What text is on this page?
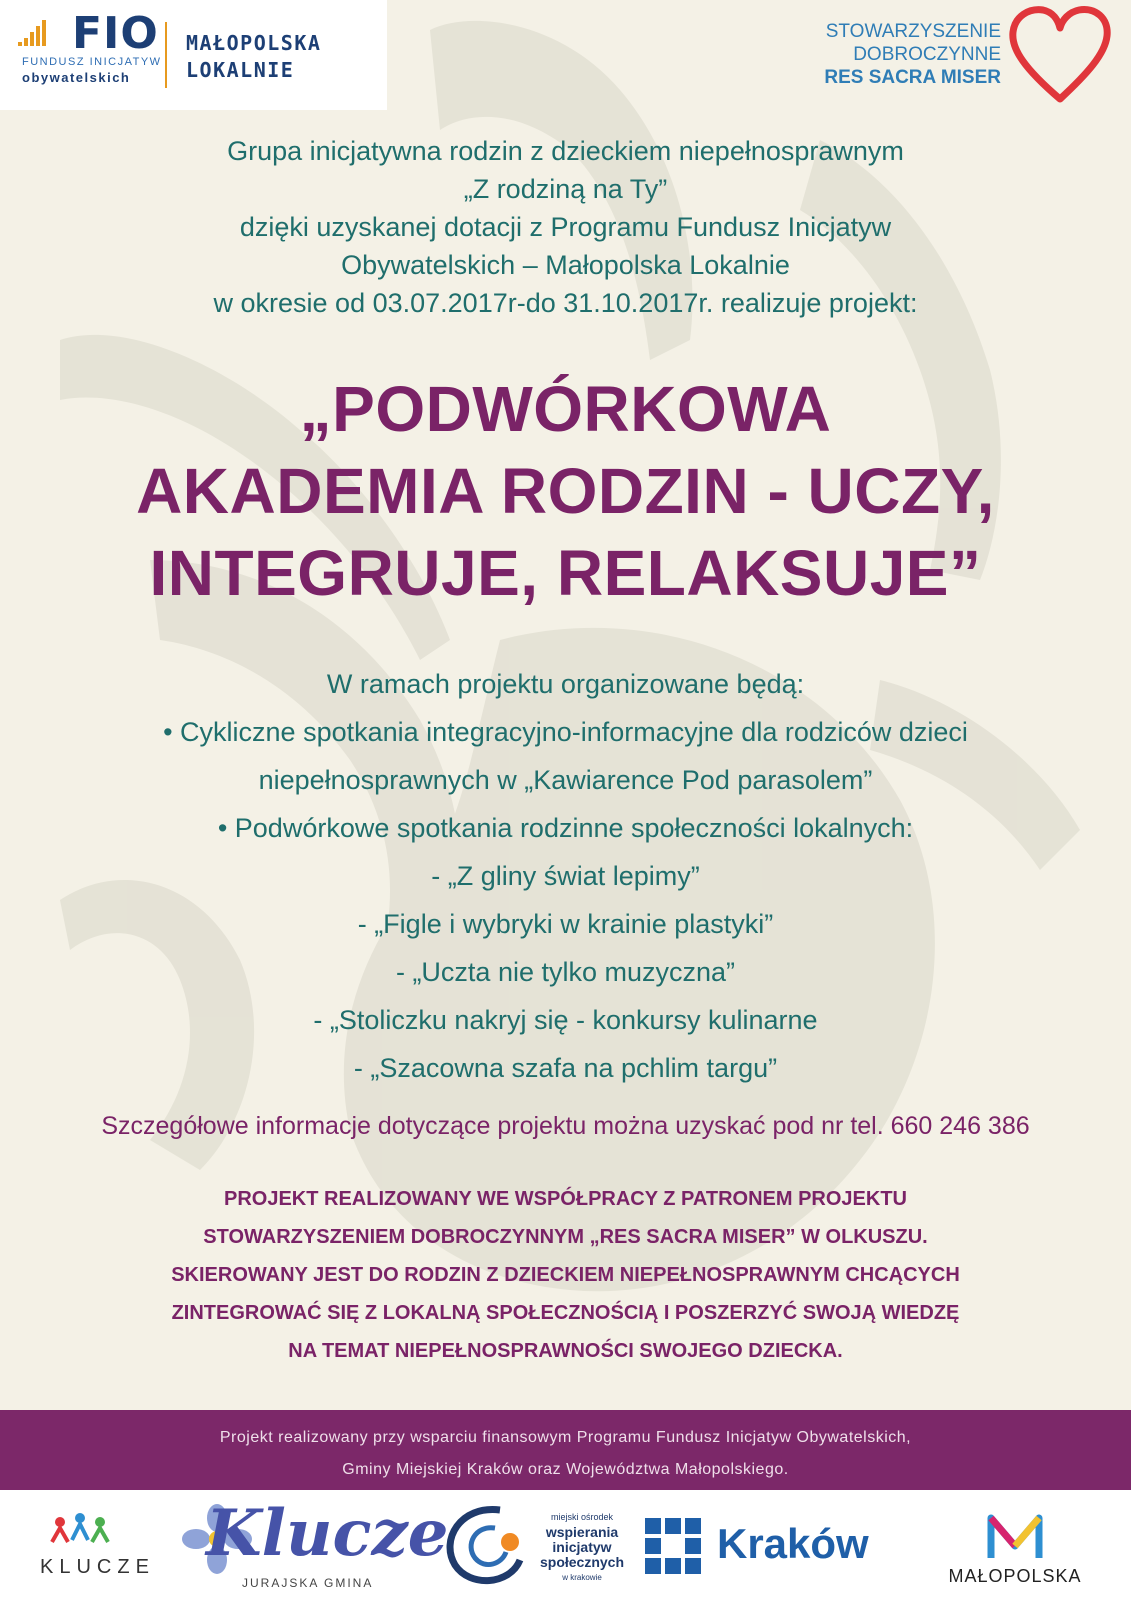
FIO
FUNDUSZ INICJATYW
obywatelskich
MAŁOPOLSKA
LOKALNIE
STOWARZYSZENIE
DOBROCZYNNE
RES SACRA MISER
Grupa inicjatywna rodzin z dzieckiem niepełnosprawnym
„Z rodziną na Ty”
dzięki uzyskanej dotacji z Programu Fundusz Inicjatyw
Obywatelskich – Małopolska Lokalnie
w okresie od 03.07.2017r-do 31.10.2017r. realizuje projekt:
„PODWÓRKOWA
AKADEMIA RODZIN - UCZY,
INTEGRUJE, RELAKSUJE”
W ramach projektu organizowane będą:
• Cykliczne spotkania integracyjno-informacyjne dla rodziców dzieci
niepełnosprawnych w „Kawiarence Pod parasolem”
• Podwórkowe spotkania rodzinne społeczności lokalnych:
- „Z gliny świat lepimy”
- „Figle i wybryki w krainie plastyki”
- „Uczta nie tylko muzyczna”
- „Stoliczku nakryj się - konkursy kulinarne
- „Szacowna szafa na pchlim targu”
Szczegółowe informacje dotyczące projektu można uzyskać pod nr tel. 660 246 386
PROJEKT REALIZOWANY WE WSPÓŁPRACY Z PATRONEM PROJEKTU
STOWARZYSZENIEM DOBROCZYNNYM „RES SACRA MISER” W OLKUSZU.
SKIEROWANY JEST DO RODZIN Z DZIECKIEM NIEPEŁNOSPRAWNYM CHCĄCYCH
ZINTEGROWAĆ SIĘ Z LOKALNĄ SPOŁECZNOŚCIĄ I POSZERZYĆ SWOJĄ WIEDZĘ
NA TEMAT NIEPEŁNOSPRAWNOŚCI SWOJEGO DZIECKA.
Projekt realizowany przy wsparciu finansowym Programu Fundusz Inicjatyw Obywatelskich,
Gminy Miejskiej Kraków oraz Województwa Małopolskiego.
KLUCZE Klucze
JURAJSKA GMINA
miejski ośrodek
wspierania
inicjatyw
społecznych
w krakowie
Kraków
MAŁOPOLSKA
